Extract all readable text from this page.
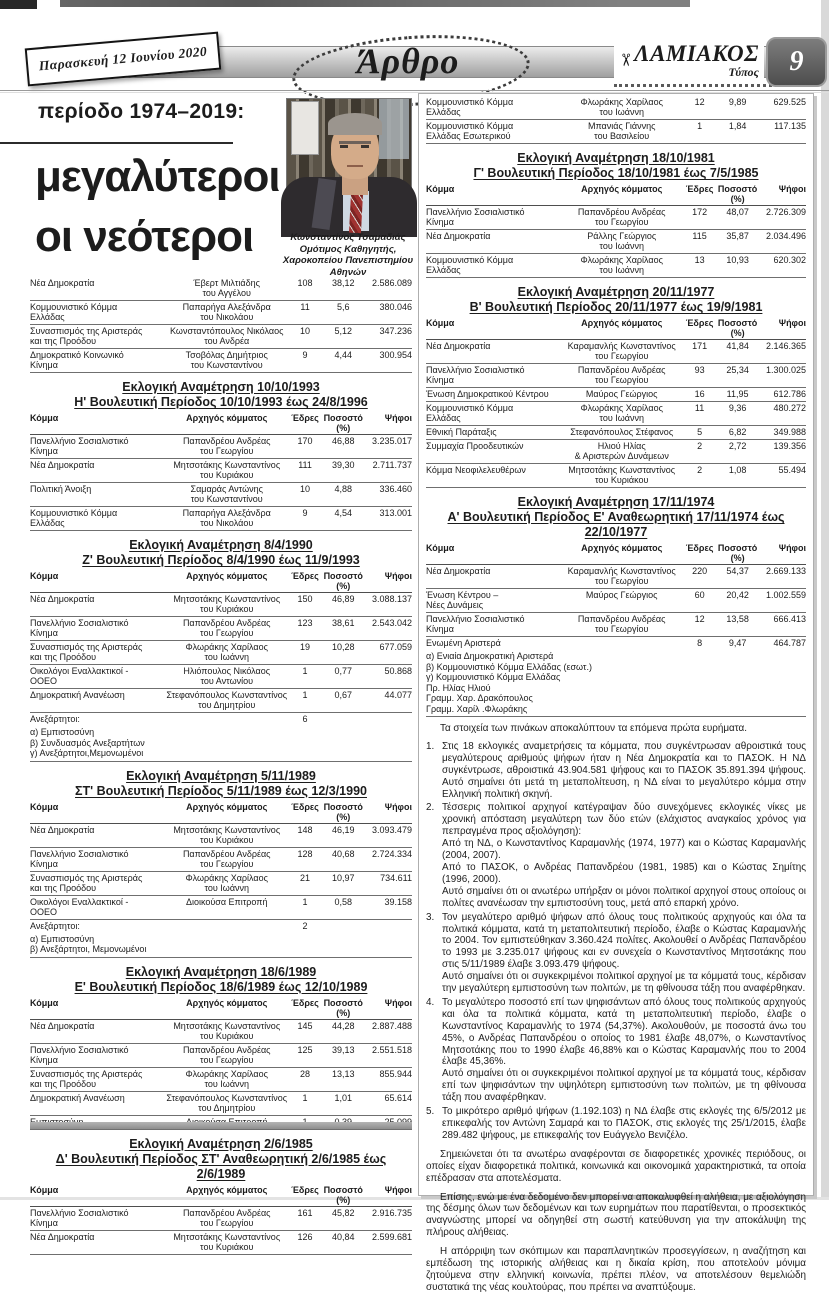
Παρασκευή 12 Ιουνίου 2020	Άρθρο	✂ ΛΑΜΙΑΚΟΣ
Τύπος 9
περίοδο 1974–2019:
μεγαλύτεροι
οι νεότεροι	Κωνσταντίνος Τσαμαδιάς
Ομότιμος Καθηγητής,
Χαροκοπείου Πανεπιστημίου
Αθηνών
Νέα Δημοκρατία	Έβερτ Μιλτιάδης
του Αγγέλου	108	38,12	2.586.089
Κομμουνιστικό Κόμμα
Ελλάδας	Παπαρήγα Αλεξάνδρα
του Νικολάου	11	5,6	380.046
Συνασπισμός της Αριστεράς
και της Προόδου	Κωνσταντόπουλος Νικόλαος
του Ανδρέα	10	5,12	347.236
Δημοκρατικό Κοινωνικό
Κίνημα	Τσοβόλας Δημήτριος
του Κωνσταντίνου	9	4,44	300.954
Εκλογική Αναμέτρηση 10/10/1993
Η' Βουλευτική Περίοδος 10/10/1993 έως 24/8/1996
Κόμμα	Αρχηγός κόμματος	Έδρες	Ποσοστό (%)	Ψήφοι
Πανελλήνιο Σοσιαλιστικό
Κίνημα	Παπανδρέου Ανδρέας
του Γεωργίου	170	46,88	3.235.017
Νέα Δημοκρατία	Μητσοτάκης Κωνσταντίνος
του Κυριάκου	111	39,30	2.711.737
Πολιτική Άνοιξη	Σαμαράς Αντώνης
του Κωνσταντίνου	10	4,88	336.460
Κομμουνιστικό Κόμμα
Ελλάδας	Παπαρήγα Αλεξάνδρα
του Νικολάου	9	4,54	313.001
Εκλογική Αναμέτρηση 8/4/1990
Ζ' Βουλευτική Περίοδος 8/4/1990 έως 11/9/1993
Κόμμα	Αρχηγός κόμματος	Έδρες	Ποσοστό (%)	Ψήφοι
Νέα Δημοκρατία	Μητσοτάκης Κωνσταντίνος
του Κυριάκου	150	46,89	3.088.137
Πανελλήνιο Σοσιαλιστικό
Κίνημα	Παπανδρέου Ανδρέας
του Γεωργίου	123	38,61	2.543.042
Συνασπισμός της Αριστεράς
και της Προόδου	Φλωράκης Χαρίλαος
του Ιωάννη	19	10,28	677.059
Οικολόγοι Εναλλακτικοί -
ΟΟΕΟ	Ηλιόπουλος Νικόλαος
του Αντωνίου	1	0,77	50.868
Δημοκρατική Ανανέωση	Στεφανόπουλος Κωνσταντίνος
του Δημητρίου	1	0,67	44.077
Ανεξάρτητοι:		6		
α) Εμπιστοσύνη
β) Συνδυασμός Ανεξαρτήτων
γ) Ανεξάρτητοι,Μεμονωμένοι				
Εκλογική Αναμέτρηση 5/11/1989
ΣΤ' Βουλευτική Περίοδος 5/11/1989 έως 12/3/1990
Κόμμα	Αρχηγός κόμματος	Έδρες	Ποσοστό (%)	Ψήφοι
Νέα Δημοκρατία	Μητσοτάκης Κωνσταντίνος
του Κυριάκου	148	46,19	3.093.479
Πανελλήνιο Σοσιαλιστικό
Κίνημα	Παπανδρέου Ανδρέας
του Γεωργίου	128	40,68	2.724.334
Συνασπισμός της Αριστεράς
και της Προόδου	Φλωράκης Χαρίλαος
του Ιωάννη	21	10,97	734.611
Οικολόγοι Εναλλακτικοί -
ΟΟΕΟ	Διοικούσα Επιτροπή	1	0,58	39.158
Ανεξάρτητοι:		2		
α) Εμπιστοσύνη
β) Ανεξάρτητοι, Μεμονωμένοι				
Εκλογική Αναμέτρηση 18/6/1989
Ε' Βουλευτική Περίοδος 18/6/1989 έως 12/10/1989
Κόμμα	Αρχηγός κόμματος	Έδρες	Ποσοστό (%)	Ψήφοι
Νέα Δημοκρατία	Μητσοτάκης Κωνσταντίνος
του Κυριάκου	145	44,28	2.887.488
Πανελλήνιο Σοσιαλιστικό
Κίνημα	Παπανδρέου Ανδρέας
του Γεωργίου	125	39,13	2.551.518
Συνασπισμός της Αριστεράς
και της Προόδου	Φλωράκης Χαρίλαος
του Ιωάννη	28	13,13	855.944
Δημοκρατική Ανανέωση	Στεφανόπουλος Κωνσταντίνος
του Δημητρίου	1	1,01	65.614

Εκλογική Αναμέτρηση 2/6/1985
Δ' Βουλευτική Περίοδος ΣΤ' Αναθεωρητική 2/6/1985 έως 2/6/1989
Κόμμα	Αρχηγός κόμματος	Έδρες	Ποσοστό (%)	Ψήφοι
Πανελλήνιο Σοσιαλιστικό
Κίνημα	Παπανδρέου Ανδρέας
του Γεωργίου	161	45,82	2.916.735
Νέα Δημοκρατία	Μητσοτάκης Κωνσταντίνος
του Κυριάκου	126	40,84	2.599.681
Κομμουνιστικό Κόμμα
Ελλάδας	Φλωράκης Χαρίλαος
του Ιωάννη	12	9,89	629.525
Κομμουνιστικό Κόμμα
Ελλάδας Εσωτερικού	Μπανιάς Γιάννης
του Βασιλείου	1	1,84	117.135
Εκλογική Αναμέτρηση 18/10/1981
Γ' Βουλευτική Περίοδος 18/10/1981 έως 7/5/1985
Κόμμα	Αρχηγός κόμματος	Έδρες	Ποσοστό (%)	Ψήφοι
Πανελλήνιο Σοσιαλιστικό
Κίνημα	Παπανδρέου Ανδρέας
του Γεωργίου	172	48,07	2.726.309
Νέα Δημοκρατία	Ράλλης Γεώργιος
του Ιωάννη	115	35,87	2.034.496
Κομμουνιστικό Κόμμα
Ελλάδας	Φλωράκης Χαρίλαος
του Ιωάννη	13	10,93	620.302
Εκλογική Αναμέτρηση 20/11/1977
Β' Βουλευτική Περίοδος 20/11/1977 έως 19/9/1981
Κόμμα	Αρχηγός κόμματος	Έδρες	Ποσοστό (%)	Ψήφοι
Νέα Δημοκρατία	Καραμανλής Κωνσταντίνος
του Γεωργίου	171	41,84	2.146.365
Πανελλήνιο Σοσιαλιστικό
Κίνημα	Παπανδρέου Ανδρέας
του Γεωργίου	93	25,34	1.300.025
Ένωση Δημοκρατικού Κέντρου	Μαύρος Γεώργιος	16	11,95	612.786
Κομμουνιστικό Κόμμα
Ελλάδας	Φλωράκης Χαρίλαος
του Ιωάννη	11	9,36	480.272
Εθνική Παράταξις	Στεφανόπουλος Στέφανος	5	6,82	349.988
Συμμαχία Προοδευτικών	Ηλιού Ηλίας
& Αριστερών Δυνάμεων	2	2,72	139.356
Κόμμα Νεοφιλελευθέρων	Μητσοτάκης Κωνσταντίνος
του Κυριάκου	2	1,08	55.494
Εκλογική Αναμέτρηση 17/11/1974
Α' Βουλευτική Περίοδος Ε' Αναθεωρητική 17/11/1974 έως 22/10/1977
Κόμμα	Αρχηγός κόμματος	Έδρες	Ποσοστό (%)	Ψήφοι
Νέα Δημοκρατία	Καραμανλής Κωνσταντίνος
του Γεωργίου	220	54,37	2.669.133
Ένωση Κέντρου –
Νέες Δυνάμεις	Μαύρος Γεώργιος	60	20,42	1.002.559
Πανελλήνιο Σοσιαλιστικό
Κίνημα	Παπανδρέου Ανδρέας
του Γεωργίου	12	13,58	666.413
Ενωμένη Αριστερά		8	9,47	464.787
α) Ενιαία Δημοκρατική Αριστερά
β) Κομμουνιστικό Κόμμα Ελλάδας (εσωτ.)
γ) Κομμουνιστικό Κόμμα Ελλάδας
Πρ. Ηλίας Ηλιού
Γραμμ. Χαρ. Δρακόπουλος
Γραμμ. Χαρίλ .Φλωράκης

Τα στοιχεία των πινάκων αποκαλύπτουν τα επόμενα πρώτα ευρήματα.

1. Στις 18 εκλογικές αναμετρήσεις τα κόμματα, που συγκέντρωσαν αθροιστικά τους μεγαλύτερους αριθμούς ψήφων ήταν η Νέα Δημοκρατία και το ΠΑΣΟΚ. Η ΝΔ συγκέντρωσε, αθροιστικά 43.904.581 ψήφους και το ΠΑΣΟΚ 35.891.394 ψήφους. Αυτό σημαίνει ότι μετά τη μεταπολίτευση, η ΝΔ είναι το μεγαλύτερο κόμμα στην Ελληνική πολιτική σκηνή.

2. Τέσσερις πολιτικοί αρχηγοί κατέγραψαν δύο συνεχόμενες εκλογικές νίκες με χρονική απόσταση μεγαλύτερη των δύο ετών (ελάχιστος αναγκαίος χρόνος για πεπραγμένα προς αξιολόγηση):

Από τη ΝΔ, ο Κωνσταντίνος Καραμανλής (1974, 1977) και ο Κώστας Καραμανλής (2004, 2007).

Από το ΠΑΣΟΚ, ο Ανδρέας Παπανδρέου (1981, 1985) και ο Κώστας Σημίτης (1996, 2000).

Αυτό σημαίνει ότι οι ανωτέρω υπήρξαν οι μόνοι πολιτικοί αρχηγοί στους οποίους οι πολίτες ανανέωσαν την εμπιστοσύνη τους, μετά από επαρκή χρόνο.

3. Τον μεγαλύτερο αριθμό ψήφων από όλους τους πολιτικούς αρχηγούς και όλα τα πολιτικά κόμματα, κατά τη μεταπολιτευτική περίοδο, έλαβε ο Κώστας Καραμανλής το 2004. Τον εμπιστεύθηκαν 3.360.424 πολίτες. Ακολουθεί ο Ανδρέας Παπανδρέου το 1993 με 3.235.017 ψήφους και εν συνεχεία ο Κωνσταντίνος Μητσοτάκης που στις 5/11/1989 έλαβε 3.093.479 ψήφους.

Αυτό σημαίνει ότι οι συγκεκριμένοι πολιτικοί αρχηγοί με τα κόμματά τους, κέρδισαν την μεγαλύτερη εμπιστοσύνη των πολιτών, με τη φθίνουσα τάξη που αναφέρθηκαν.

4. Το μεγαλύτερο ποσοστό επί των ψηφισάντων από όλους τους πολιτικούς αρχηγούς και όλα τα πολιτικά κόμματα, κατά τη μεταπολιτευτική περίοδο, έλαβε ο Κωνσταντίνος Καραμανλής το 1974 (54,37%). Ακολουθούν, με ποσοστά άνω του 45%, ο Ανδρέας Παπανδρέου ο οποίος το 1981 έλαβε 48,07%, ο Κωνσταντίνος Μητσοτάκης που το 1990 έλαβε 46,88% και ο Κώστας Καραμανλής που το 2004 έλαβε 45,36%.

Αυτό σημαίνει ότι οι συγκεκριμένοι πολιτικοί αρχηγοί με τα κόμματά τους, κέρδισαν επί των ψηφισάντων την υψηλότερη εμπιστοσύνη των πολιτών, με τη φθίνουσα τάξη που αναφέρθηκαν.

5. Το μικρότερο αριθμό ψήφων (1.192.103) η ΝΔ έλαβε στις εκλογές της 6/5/2012 με επικεφαλής τον Αντώνη Σαμαρά και το ΠΑΣΟΚ, στις εκλογές της 25/1/2015, έλαβε 289.482 ψήφους, με επικεφαλής τον Ευάγγελο Βενιζέλο.

Σημειώνεται ότι τα ανωτέρω αναφέρονται σε διαφορετικές χρονικές περιόδους, οι οποίες είχαν διαφορετικά πολιτικά, κοινωνικά και οικονομικά χαρακτηριστικά, τα οποία επέδρασαν στα αποτελέσματα.

Επίσης, ενώ με ένα δεδομένο δεν μπορεί να αποκαλυφθεί η αλήθεια, με αξιολόγηση της δέσμης όλων των δεδομένων και των ευρημάτων που παρατίθενται, ο προσεκτικός αναγνώστης μπορεί να οδηγηθεί στη σωστή κατεύθυνση για την αποκάλυψη της πλήρους αλήθειας.

Η απόρριψη των σκόπιμων και παραπλανητικών προσεγγίσεων, η αναζήτηση και εμπέδωση της ιστορικής αλήθειας και η δικαία κρίση, που αποτελούν μόνιμα ζητούμενα στην ελληνική κοινωνία, πρέπει πλέον, να αποτελέσουν θεμελιώδη συστατικά της νέας κουλτούρας, που πρέπει να αναπτύξουμε.
